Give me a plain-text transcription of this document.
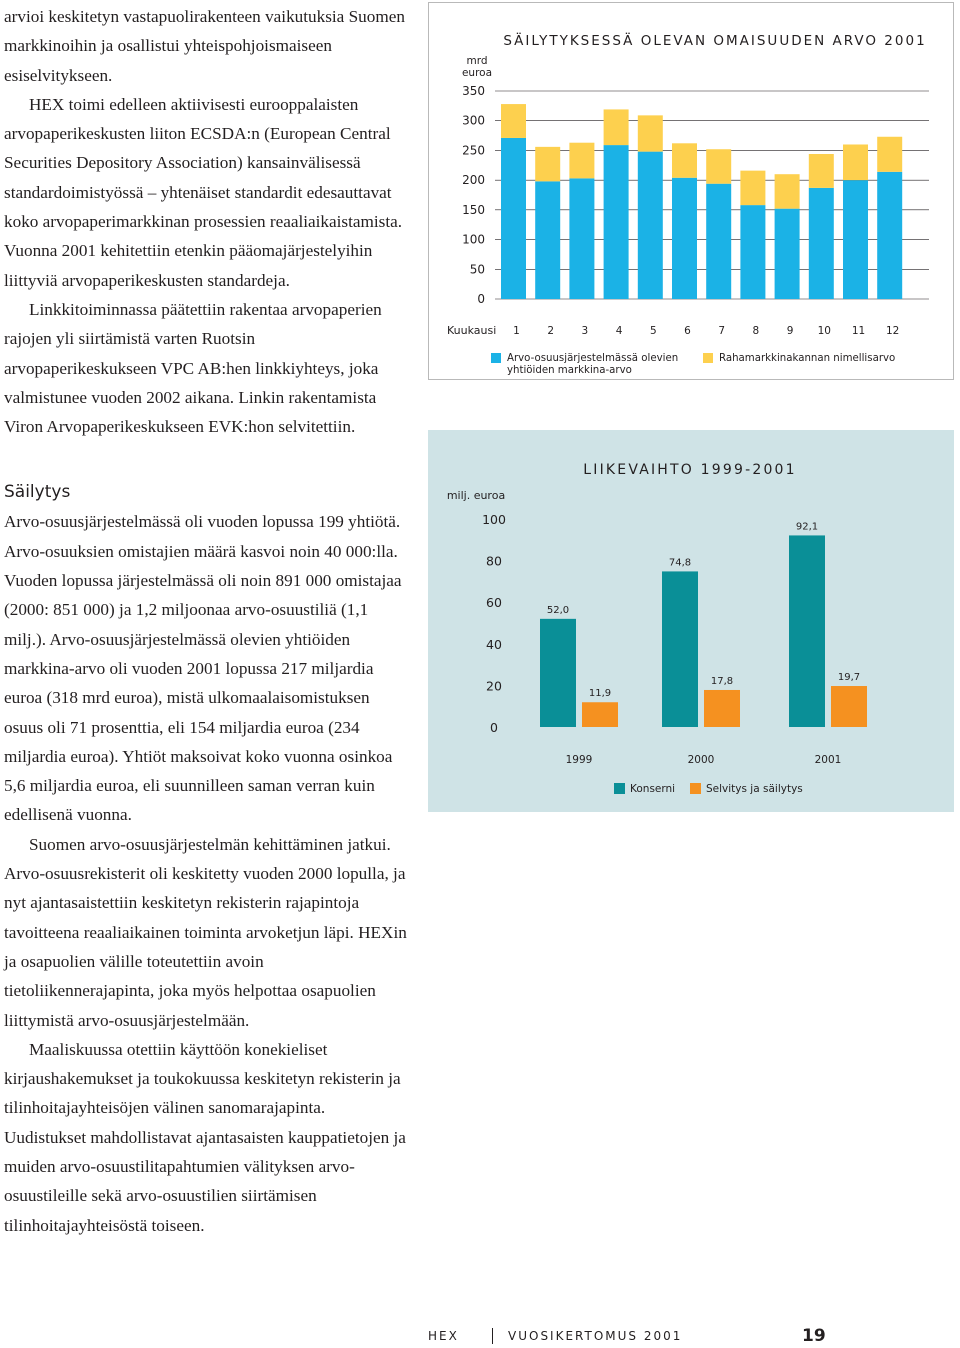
arvioi keskitetyn vastapuolirakenteen vaikutuksia Suomen markkinoihin ja osallistui yhteispohjoismaiseen esiselvitykseen.

HEX toimi edelleen aktiivisesti eurooppalaisten arvopaperikeskusten liiton ECSDA:n (European Central Securities Depository Association) kansainvälisessä standardoimistyössä – yhtenäiset standardit edesauttavat koko arvopaperimarkkinan prosessien reaaliaikaistamista. Vuonna 2001 kehitettiin etenkin pääomajärjestelyihin liittyviä arvopaperikeskusten standardeja.

Linkkitoiminnassa päätettiin rakentaa arvopaperien rajojen yli siirtämistä varten Ruotsin arvopaperikeskukseen VPC AB:hen linkkiyhteys, joka valmistunee vuoden 2002 aikana. Linkin rakentamista Viron Arvopaperikeskukseen EVK:hon selvitettiin.

Säilytys

Arvo-osuusjärjestelmässä oli vuoden lopussa 199 yhtiötä. Arvo-osuuksien omistajien määrä kasvoi noin 40 000:lla. Vuoden lopussa järjestelmässä oli noin 891 000 omistajaa (2000: 851 000) ja 1,2 miljoonaa arvo-osuustiliä (1,1 milj.). Arvo-osuusjärjestelmässä olevien yhtiöiden markkina-arvo oli vuoden 2001 lopussa 217 miljardia euroa (318 mrd euroa), mistä ulkomaalaisomistuksen osuus oli 71 prosenttia, eli 154 miljardia euroa (234 miljardia euroa). Yhtiöt maksoivat koko vuonna osinkoa 5,6 miljardia euroa, eli suunnilleen saman verran kuin edellisenä vuonna.

Suomen arvo-osuusjärjestelmän kehittäminen jatkui. Arvo-osuusrekisterit oli keskitetty vuoden 2000 lopulla, ja nyt ajantasaistettiin keskitetyn rekisterin rajapintoja tavoitteena reaaliaikainen toiminta arvoketjun läpi. HEXin ja osapuolien välille toteutettiin avoin tietoliikennerajapinta, joka myös helpottaa osapuolien liittymistä arvo-osuusjärjestelmään.

Maaliskuussa otettiin käyttöön konekieliset kirjaushakemukset ja toukokuussa keskitetyn rekisterin ja tilinhoitajayhteisöjen välinen sanomarajapinta. Uudistukset mahdollistavat ajantasaisten kauppatietojen ja muiden arvo-osuustilitapahtumien välityksen arvo-osuustileille sekä arvo-osuustilien siirtämisen tilinhoitajayhteisöstä toiseen.

SÄILYTYKSESSÄ OLEVAN OMAISUUDEN ARVO 2001
mrd euroa
0
50
100
150
200
250
300
350
1	2	3	4	5	6	7	8	9 10 11 12
Kuukausi
Arvo-osuusjärjestelmässä olevien yhtiöiden markkina-arvo
Rahamarkkinakannan nimellisarvo
LIIKEVAIHTO 1999-2001
milj. euroa
0
20
40
60
80
100
52,0
11,9
74,8
17,8
92,1
19,7
1999	2000	2001
Konserni	Selvitys ja säilytys
HEX	VUOSIKERTOMUS 2001	19
